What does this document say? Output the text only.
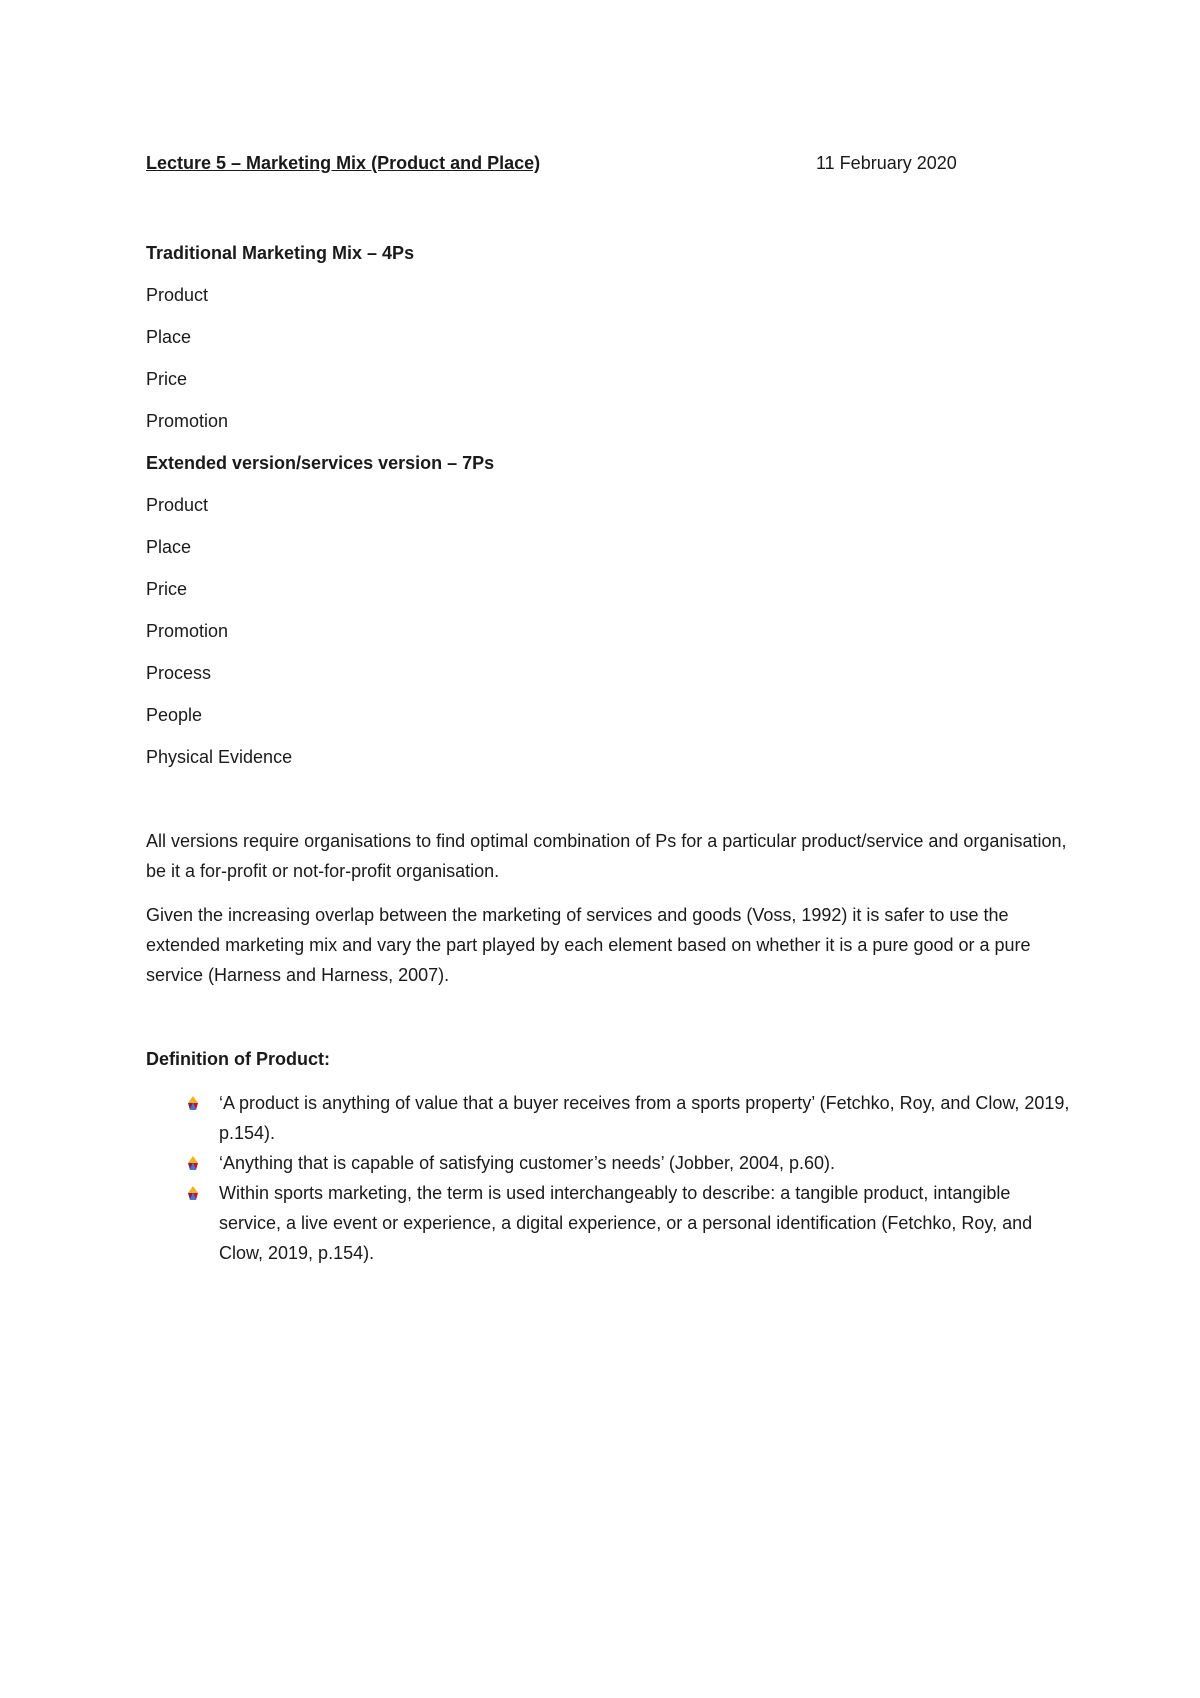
Lecture 5 – Marketing Mix (Product and Place)	11 February 2020

Traditional Marketing Mix – 4Ps

Product

Place

Price

Promotion

Extended version/services version – 7Ps

Product

Place

Price

Promotion

Process

People

Physical Evidence

All versions require organisations to find optimal combination of Ps for a particular product/service and organisation, be it a for-profit or not-for-profit organisation.

Given the increasing overlap between the marketing of services and goods (Voss, 1992) it is safer to use the extended marketing mix and vary the part played by each element based on whether it is a pure good or a pure service (Harness and Harness, 2007).

Definition of Product:

‘A product is anything of value that a buyer receives from a sports property’ (Fetchko, Roy, and Clow, 2019, p.154).
‘Anything that is capable of satisfying customer’s needs’ (Jobber, 2004, p.60).
Within sports marketing, the term is used interchangeably to describe: a tangible product, intangible service, a live event or experience, a digital experience, or a personal identification (Fetchko, Roy, and Clow, 2019, p.154).
